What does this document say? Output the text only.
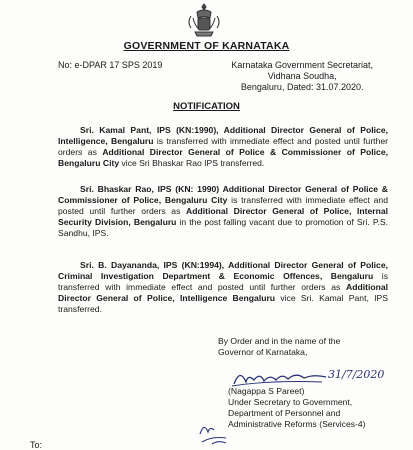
GOVERNMENT OF KARNATAKA
No: e-DPAR 17 SPS 2019	Karnataka Government Secretariat,
Vidhana Soudha,
Bengaluru, Dated: 31.07.2020.
NOTIFICATION
Sri. Kamal Pant, IPS (KN:1990), Additional Director General of Police, Intelligence, Bengaluru is transferred with immediate effect and posted until further orders as Additional Director General of Police & Commissioner of Police, Bengaluru City vice Sri Bhaskar Rao IPS transferred.
Sri. Bhaskar Rao, IPS (KN: 1990) Additional Director General of Police & Commissioner of Police, Bengaluru City is transferred with immediate effect and posted until further orders as Additional Director General of Police, Internal Security Division, Bengaluru in the post falling vacant due to promotion of Sri. P.S. Sandhu, IPS.
Sri. B. Dayananda, IPS (KN:1994), Additional Director General of Police, Criminal Investigation Department & Economic Offences, Bengaluru is transferred with immediate effect and posted until further orders as Additional Director General of Police, Intelligence Bengaluru vice Sri. Kamal Pant, IPS transferred.
By Order and in the name of the
Governor of Karnataka,
31/7/2020
(Nagappa S Pareet)
Under Secretary to Government,
Department of Personnel and
Administrative Reforms (Services-4)
To:
